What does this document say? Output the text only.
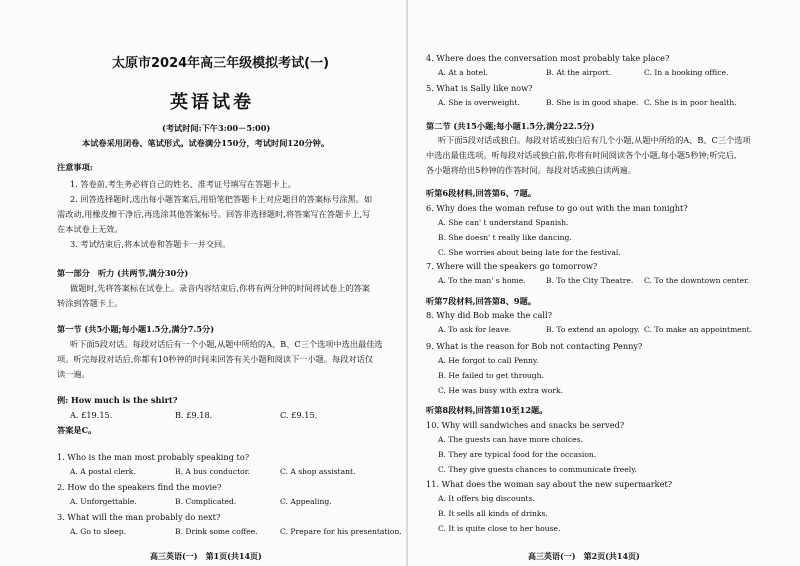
太原市2024年高三年级模拟考试(一)
英语试卷
(考试时间:下午3:00－5:00)
本试卷采用闭卷、笔试形式。试卷满分150分，考试时间120分钟。
注意事项:
1. 答卷前,考生务必将自己的姓名、准考证号填写在答题卡上。
2. 回答选择题时,选出每小题答案后,用铅笔把答题卡上对应题目的答案标号涂黑。如
需改动,用橡皮擦干净后,再选涂其他答案标号。回答非选择题时,将答案写在答题卡上,写
在本试卷上无效。
3. 考试结束后,将本试卷和答题卡一并交回。
第一部分　听力 (共两节,满分30分)
做题时,先将答案标在试卷上。录音内容结束后,你将有两分钟的时间将试卷上的答案
转涂到答题卡上。
第一节 (共5小题;每小题1.5分,满分7.5分)
听下面5段对话。每段对话后有一个小题,从题中所给的A、B、C三个选项中选出最佳选
项。听完每段对话后,你都有10秒钟的时间来回答有关小题和阅读下一小题。每段对话仅
读一遍。
例: How much is the shirt?
A. £19.15.	B. £9.18.	C. £9.15.
答案是C。
1. Who is the man most probably speaking to?
A. A postal clerk.	B. A bus conductor.	C. A shop assistant.
2. How do the speakers find the movie?
A. Unforgettable.	B. Complicated.	C. Appealing.
3. What will the man probably do next?
A. Go to sleep.	B. Drink some coffee.	C. Prepare for his presentation.
高三英语(一)　第1页(共14页)
4. Where does the conversation most probably take place?
A. At a hotel.	B. At the airport.	C. In a booking office.
5. What is Sally like now?
A. She is overweight.	B. She is in good shape. C. She is in poor health.
第二节 (共15小题;每小题1.5分,满分22.5分)
听下面5段对话或独白。每段对话或独白后有几个小题,从题中所给的A、B、C三个选项
中选出最佳选项。听每段对话或独白前,你将有时间阅读各个小题,每小题5秒钟;听完后,
各小题将给出5秒钟的作答时间。每段对话或独白读两遍。
听第6段材料,回答第6、7题。
6. Why does the woman refuse to go out with the man tonight?
A. She can' t understand Spanish.
B. She doesn' t really like dancing.
C. She worries about being late for the festival.
7. Where will the speakers go tomorrow?
A. To the man' s home.	B. To the City Theatre. C. To the downtown center.
听第7段材料,回答第8、9题。
8. Why did Bob make the call?
A. To ask for leave.	B. To extend an apology. C. To make an appointment.
9. What is the reason for Bob not contacting Penny?
A. He forgot to call Penny.
B. He failed to get through.
C. He was busy with extra work.
听第8段材料,回答第10至12题。
10. Why will sandwiches and snacks be served?
A. The guests can have more choices.
B. They are typical food for the occasion.
C. They give guests chances to communicate freely.
11. What does the woman say about the new supermarket?
A. It offers big discounts.
B. It sells all kinds of drinks.
C. It is quite close to her house.
高三英语(一)　第2页(共14页)
